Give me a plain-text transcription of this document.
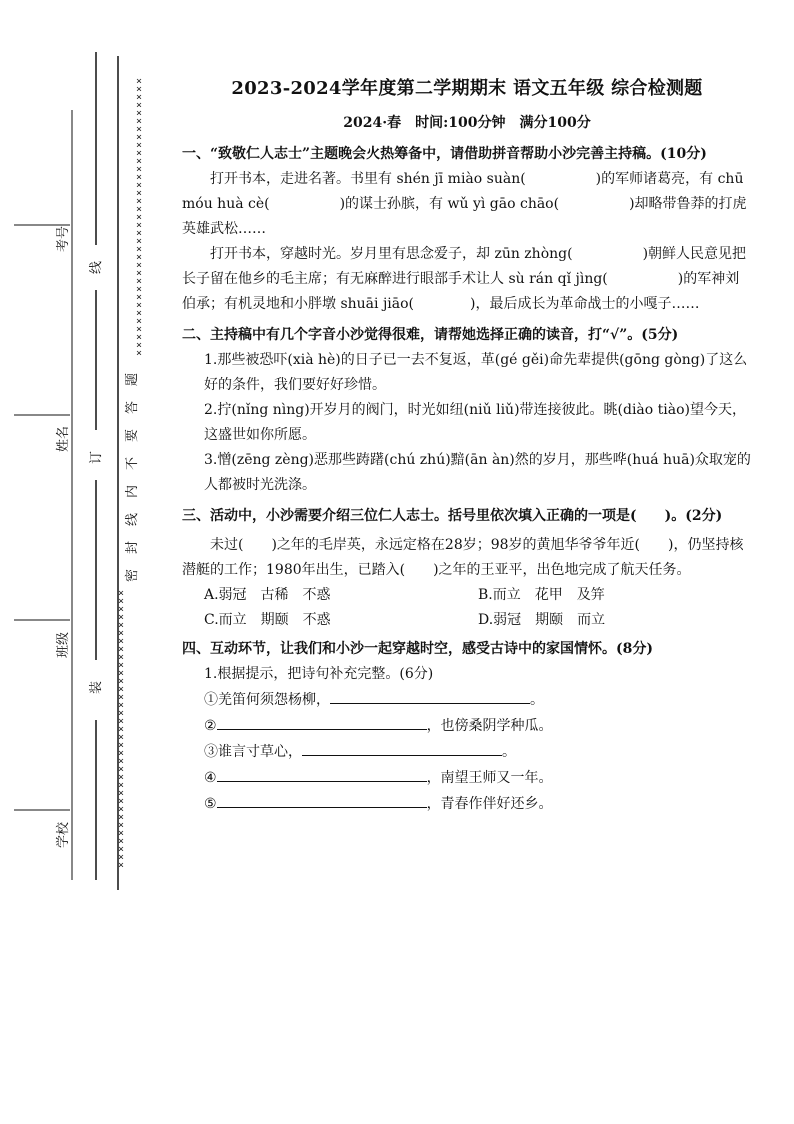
考号
姓名
班级
学校
线
订
装
×
×
×
×
×
×
×
×
×
×
×
×
×
×
×
×
×
×
×
×
×
×
×
×
×
×
×
×
×
×
×
×
×
×
×
题
答
要
不
内
线
封
密
×
×
×
×
×
×
×
×
×
×
×
×
×
×
×
×
×
×
×
×
×
×
×
×
×
×
×
×
×
×
×
×
×
×
×
2023-2024学年度第二学期期末 语文五年级 综合检测题
2024·春　时间:100分钟　满分100分
一、“致敬仁人志士”主题晚会火热筹备中，请借助拼音帮助小沙完善主持稿。(10分)
打开书本，走进名著。书里有 shén jī miào suàn(　　　　　)的军师诸葛亮，有 chū móu huà cè(　　　　　)的谋士孙膑，有 wǔ yì gāo chāo(　　　　　)却略带鲁莽的打虎英雄武松……
打开书本，穿越时光。岁月里有思念爱子，却 zūn zhòng(　　　　　)朝鲜人民意见把长子留在他乡的毛主席；有无麻醉进行眼部手术让人 sù rán qǐ jìng(　　　　　)的军神刘伯承；有机灵地和小胖墩 shuāi jiāo(　　　　)，最后成长为革命战士的小嘎子……
二、主持稿中有几个字音小沙觉得很难，请帮她选择正确的读音，打“√”。(5分)
1.那些被恐吓(xià hè)的日子已一去不复返，革(gé gěi)命先辈提供(gōng gòng)了这么好的条件，我们要好好珍惜。
2.拧(nǐng nìng)开岁月的阀门，时光如纽(niǔ liǔ)带连接彼此。眺(diào tiào)望今天，这盛世如你所愿。
3.憎(zēng zèng)恶那些踌躇(chú zhú)黯(ān àn)然的岁月，那些哗(huá huā)众取宠的人都被时光洗涤。
三、活动中，小沙需要介绍三位仁人志士。括号里依次填入正确的一项是(　　)。(2分)
未过(　　)之年的毛岸英，永远定格在28岁；98岁的黄旭华爷爷年近(　　)，仍坚持核潜艇的工作；1980年出生，已踏入(　　)之年的王亚平，出色地完成了航天任务。
A.弱冠　古稀　不惑	B.而立　花甲　及笄
C.而立　期颐　不惑	D.弱冠　期颐　而立
四、互动环节，让我们和小沙一起穿越时空，感受古诗中的家国情怀。(8分)
1.根据提示，把诗句补充完整。(6分)
①羌笛何须怨杨柳，	。
②	，也傍桑阴学种瓜。
③谁言寸草心，	。
④	，南望王师又一年。
⑤	，青春作伴好还乡。
